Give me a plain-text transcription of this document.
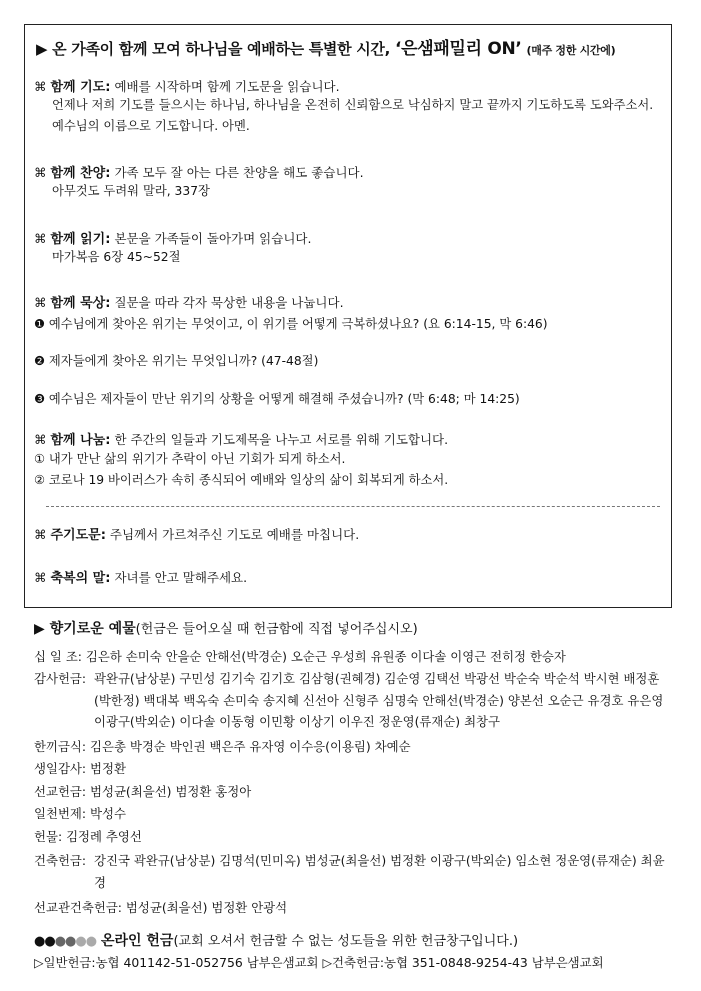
▶ 온 가족이 함께 모여 하나님을 예배하는 특별한 시간, ‘은샘패밀리 ON’ (매주 정한 시간에)
⌘ 함께 기도: 예배를 시작하며 함께 기도문을 읽습니다.
언제나 저희 기도를 들으시는 하나님, 하나님을 온전히 신뢰함으로 낙심하지 말고 끝까지 기도하도록 도와주소서. 예수님의 이름으로 기도합니다. 아멘.
⌘ 함께 찬양: 가족 모두 잘 아는 다른 찬양을 해도 좋습니다.
아무것도 두려워 말라, 337장
⌘ 함께 읽기: 본문을 가족들이 돌아가며 읽습니다.
마가복음 6장 45~52절
⌘ 함께 묵상: 질문을 따라 각자 묵상한 내용을 나눕니다.
❶ 예수님에게 찾아온 위기는 무엇이고, 이 위기를 어떻게 극복하셨나요? (요 6:14-15, 막 6:46)
❷ 제자들에게 찾아온 위기는 무엇입니까? (47-48절)
❸ 예수님은 제자들이 만난 위기의 상황을 어떻게 해결해 주셨습니까? (막 6:48; 마 14:25)
⌘ 함께 나눔: 한 주간의 일들과 기도제목을 나누고 서로를 위해 기도합니다.
① 내가 만난 삶의 위기가 추락이 아닌 기회가 되게 하소서.
② 코로나 19 바이러스가 속히 종식되어 예배와 일상의 삶이 회복되게 하소서.
⌘ 주기도문: 주님께서 가르쳐주신 기도로 예배를 마칩니다.
⌘ 축복의 말: 자녀를 안고 말해주세요.
▶ 향기로운 예물(헌금은 들어오실 때 헌금함에 직접 넣어주십시오)
십 일 조: 김은하 손미숙 안을순 안해선(박경순) 오순근 우성희 유원종 이다솔 이영근 전히정 한승자
감사헌금: 곽완규(남상분) 구민성 김기숙 김기호 김삼형(권혜경) 김순영 김택선 박광선 박순숙 박순석 박시현 배정훈(박한정) 백대복 백옥숙 손미숙 송지혜 신선아 신형주 심명숙 안해선(박경순) 양본선 오순근 유경호 유은영 이광구(박외순) 이다솔 이동형 이민황 이상기 이우진 정운영(류재순) 최창구
한끼금식: 김은총 박경순 박인권 백은주 유자영 이수응(이용림) 차예순
생일감사: 범정환
선교헌금: 범성균(최을선) 범정환 홍정아
일천번제: 박성수
헌물: 김정례 추영선
건축헌금: 강진국 곽완규(남상분) 김명석(민미옥) 범성균(최을선) 범정환 이광구(박외순) 임소현 정운영(류재순) 최윤경
선교관건축헌금: 범성균(최을선) 범정환 안광석
●●●●●● 온라인 헌금(교회 오셔서 헌금할 수 없는 성도들을 위한 헌금창구입니다.)
▷일반헌금:농협 401142-51-052756 남부은샘교회 ▷건축헌금:농협 351-0848-9254-43 남부은샘교회
